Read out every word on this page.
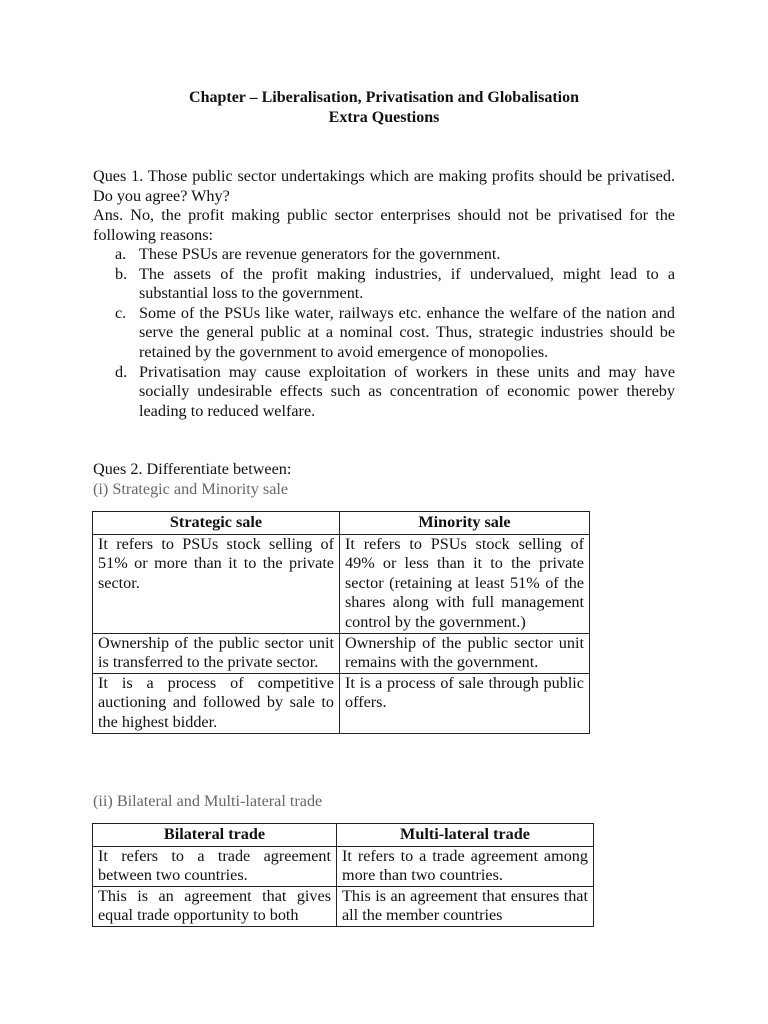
Chapter – Liberalisation, Privatisation and Globalisation
Extra Questions
Ques 1. Those public sector undertakings which are making profits should be privatised. Do you agree? Why?
Ans. No, the profit making public sector enterprises should not be privatised for the following reasons:
a. These PSUs are revenue generators for the government.
b. The assets of the profit making industries, if undervalued, might lead to a substantial loss to the government.
c. Some of the PSUs like water, railways etc. enhance the welfare of the nation and serve the general public at a nominal cost. Thus, strategic industries should be retained by the government to avoid emergence of monopolies.
d. Privatisation may cause exploitation of workers in these units and may have socially undesirable effects such as concentration of economic power thereby leading to reduced welfare.
Ques 2. Differentiate between:
(i) Strategic and Minority sale
Strategic sale	Minority sale
It refers to PSUs stock selling of 51% or more than it to the private sector.	It refers to PSUs stock selling of 49% or less than it to the private sector (retaining at least 51% of the shares along with full management control by the government.)
Ownership of the public sector unit is transferred to the private sector.	Ownership of the public sector unit remains with the government.
It is a process of competitive auctioning and followed by sale to the highest bidder.	It is a process of sale through public offers.
(ii) Bilateral and Multi-lateral trade
Bilateral trade	Multi-lateral trade
It refers to a trade agreement between two countries.	It refers to a trade agreement among more than two countries.
This is an agreement that gives equal trade opportunity to both	This is an agreement that ensures that all the member countries
